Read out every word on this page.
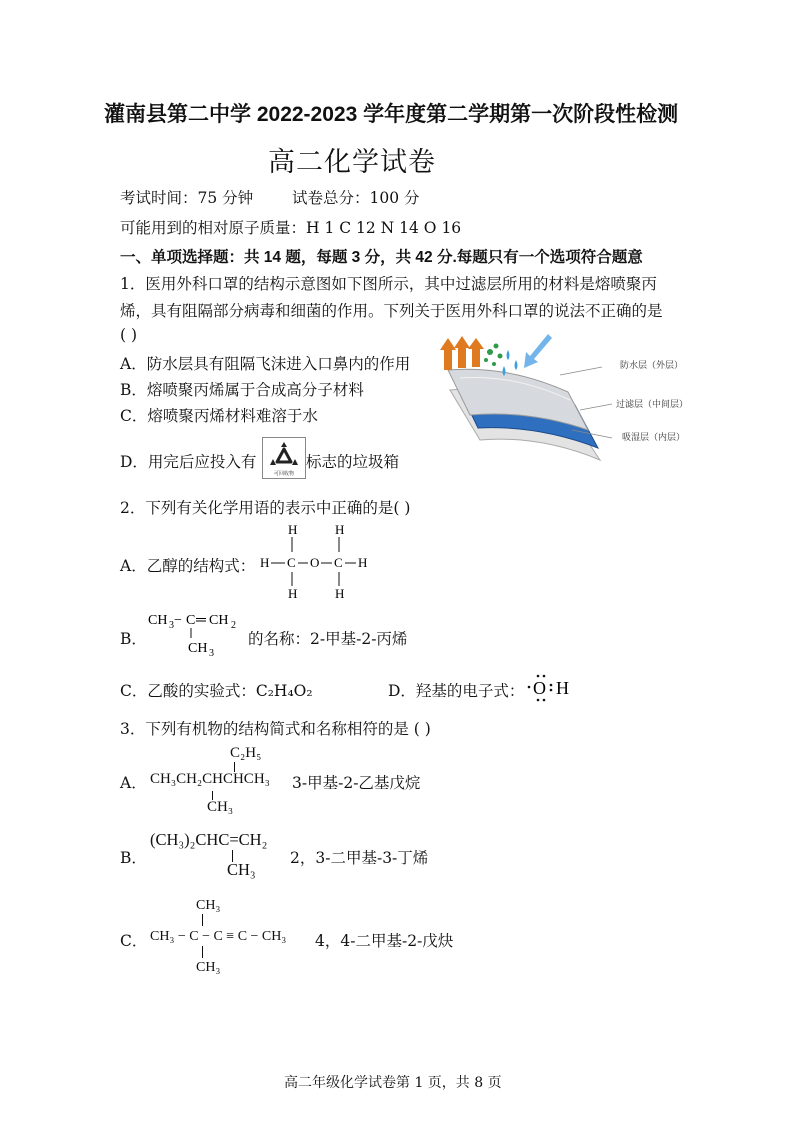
灌南县第二中学 2022-2023 学年度第二学期第一次阶段性检测
高二化学试卷
考试时间：75 分钟	试卷总分：100 分
可能用到的相对原子质量：H 1 C 12 N 14 O 16
一、单项选择题：共 14 题，每题 3 分，共 42 分.每题只有一个选项符合题意
1．医用外科口罩的结构示意图如下图所示，其中过滤层所用的材料是熔喷聚丙
烯，具有阻隔部分病毒和细菌的作用。下列关于医用外科口罩的说法不正确的是
( )
A．防水层具有阻隔飞沫进入口鼻内的作用
B．熔喷聚丙烯属于合成高分子材料
C．熔喷聚丙烯材料难溶于水
D．用完后应投入有
可回收物
标志的垃圾箱
防水层（外层）
过滤层（中间层）
吸湿层（内层）
2．下列有关化学用语的表示中正确的是( )
A．乙醇的结构式：
H	H
H C O C H
H	H
B．
CH 3 − C ═ CH 2
CH 3
的名称：2-甲基-2-丙烯
C．乙酸的实验式：C₂H₄O₂	D．羟基的电子式： O H
3．下列有机物的结构简式和名称相符的是 ( )
A．
C₂H₅
CH₃CH₂CHCHCH₃
CH₃
3-甲基-2-乙基戊烷
B．
(CH₃)₂CHC=CH₂
CH₃
2，3-二甲基-3-丁烯
C．
CH₃
CH₃ − C − C ≡ C − CH₃
CH₃
4，4-二甲基-2-戊炔
高二年级化学试卷第 1 页，共 8 页
